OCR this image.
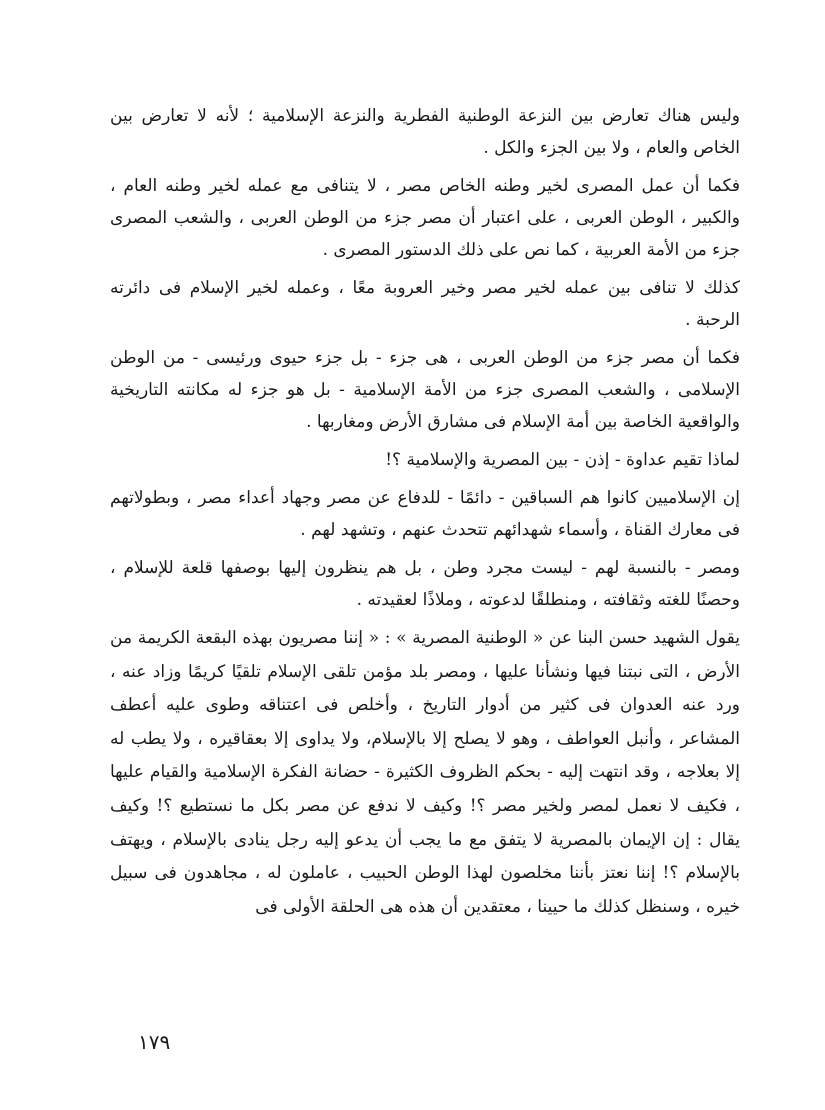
وليس هناك تعارض بين النزعة الوطنية الفطرية والنزعة الإسلامية ؛ لأنه لا تعارض بين الخاص والعام ، ولا بين الجزء والكل .

فكما أن عمل المصرى لخير وطنه الخاص مصر ، لا يتنافى مع عمله لخير وطنه العام ، والكبير ، الوطن العربى ، على اعتبار أن مصر جزء من الوطن العربى ، والشعب المصرى جزء من الأمة العربية ، كما نص على ذلك الدستور المصرى .

كذلك لا تنافى بين عمله لخير مصر وخير العروبة معًا ، وعمله لخير الإسلام فى دائرته الرحبة .

فكما أن مصر جزء من الوطن العربى ، هى جزء - بل جزء حيوى ورئيسى - من الوطن الإسلامى ، والشعب المصرى جزء من الأمة الإسلامية - بل هو جزء له مكانته التاريخية والواقعية الخاصة بين أمة الإسلام فى مشارق الأرض ومغاربها .

لماذا تقيم عداوة - إذن - بين المصرية والإسلامية ؟!

إن الإسلاميين كانوا هم السباقين - دائمًا - للدفاع عن مصر وجهاد أعداء مصر ، وبطولاتهم فى معارك القناة ، وأسماء شهدائهم تتحدث عنهم ، وتشهد لهم .

ومصر - بالنسبة لهم - ليست مجرد وطن ، بل هم ينظرون إليها بوصفها قلعة للإسلام ، وحصنًا للغته وثقافته ، ومنطلقًا لدعوته ، وملاذًا لعقيدته .

يقول الشهيد حسن البنا عن « الوطنية المصرية » : « إننا مصريون بهذه البقعة الكريمة من الأرض ، التى نبتنا فيها ونشأنا عليها ، ومصر بلد مؤمن تلقى الإسلام تلقيًا كريمًا وزاد عنه ، ورد عنه العدوان فى كثير من أدوار التاريخ ، وأخلص فى اعتناقه وطوى عليه أعطف المشاعر ، وأنبل العواطف ، وهو لا يصلح إلا بالإسلام، ولا يداوى إلا بعقاقيره ، ولا يطب له إلا بعلاجه ، وقد انتهت إليه - بحكم الظروف الكثيرة - حضانة الفكرة الإسلامية والقيام عليها ، فكيف لا نعمل لمصر ولخير مصر ؟! وكيف لا ندفع عن مصر بكل ما نستطيع ؟! وكيف يقال : إن الإيمان بالمصرية لا يتفق مع ما يجب أن يدعو إليه رجل ينادى بالإسلام ، ويهتف بالإسلام ؟! إننا نعتز بأننا مخلصون لهذا الوطن الحبيب ، عاملون له ، مجاهدون فى سبيل خيره ، وسنظل كذلك ما حيينا ، معتقدين أن هذه هى الحلقة الأولى فى

١٧٩
